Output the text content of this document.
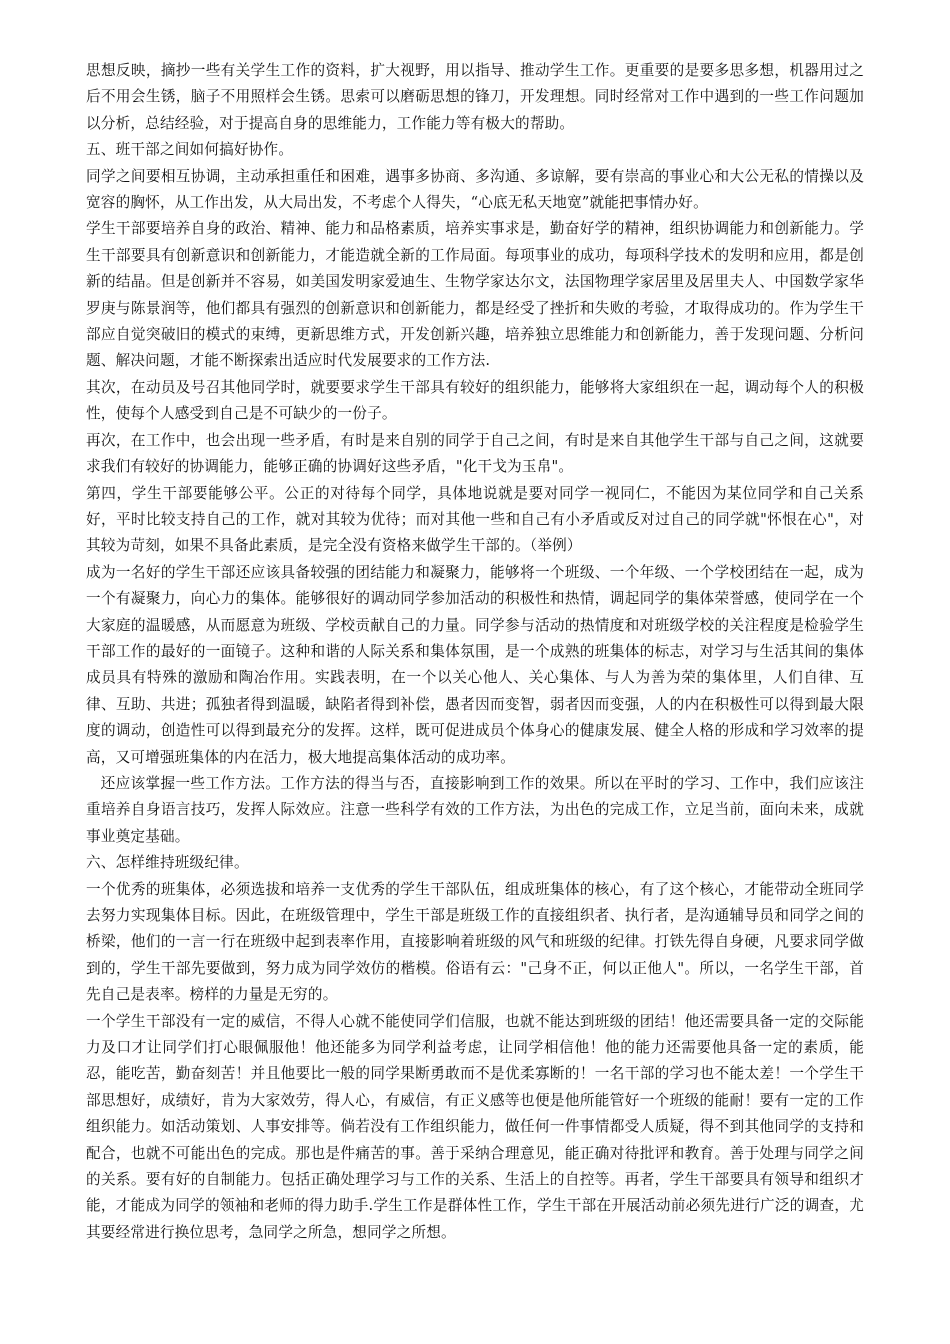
思想反映，摘抄一些有关学生工作的资料，扩大视野，用以指导、推动学生工作。更重要的是要多思多想，机器用过之后不用会生锈，脑子不用照样会生锈。思索可以磨砺思想的锋刀，开发理想。同时经常对工作中遇到的一些工作问题加以分析，总结经验，对于提高自身的思维能力，工作能力等有极大的帮助。

五、班干部之间如何搞好协作。

同学之间要相互协调，主动承担重任和困难，遇事多协商、多沟通、多谅解，要有崇高的事业心和大公无私的情操以及宽容的胸怀，从工作出发，从大局出发，不考虑个人得失，“心底无私天地宽”就能把事情办好。

学生干部要培养自身的政治、精神、能力和品格素质，培养实事求是，勤奋好学的精神，组织协调能力和创新能力。学生干部要具有创新意识和创新能力，才能造就全新的工作局面。每项事业的成功，每项科学技术的发明和应用，都是创新的结晶。但是创新并不容易，如美国发明家爱迪生、生物学家达尔文，法国物理学家居里及居里夫人、中国数学家华罗庚与陈景润等，他们都具有强烈的创新意识和创新能力，都是经受了挫折和失败的考验，才取得成功的。作为学生干部应自觉突破旧的模式的束缚，更新思维方式，开发创新兴趣，培养独立思维能力和创新能力，善于发现问题、分析问题、解决问题，才能不断探索出适应时代发展要求的工作方法.

其次，在动员及号召其他同学时，就要要求学生干部具有较好的组织能力，能够将大家组织在一起，调动每个人的积极性，使每个人感受到自己是不可缺少的一份子。

再次，在工作中，也会出现一些矛盾，有时是来自别的同学于自己之间，有时是来自其他学生干部与自己之间，这就要求我们有较好的协调能力，能够正确的协调好这些矛盾，"化干戈为玉帛"。

第四，学生干部要能够公平。公正的对待每个同学，具体地说就是要对同学一视同仁，不能因为某位同学和自己关系好，平时比较支持自己的工作，就对其较为优待；而对其他一些和自己有小矛盾或反对过自己的同学就"怀恨在心"，对其较为苛刻，如果不具备此素质，是完全没有资格来做学生干部的。（举例）

成为一名好的学生干部还应该具备较强的团结能力和凝聚力，能够将一个班级、一个年级、一个学校团结在一起，成为一个有凝聚力，向心力的集体。能够很好的调动同学参加活动的积极性和热情，调起同学的集体荣誉感，使同学在一个大家庭的温暖感，从而愿意为班级、学校贡献自己的力量。同学参与活动的热情度和对班级学校的关注程度是检验学生干部工作的最好的一面镜子。这种和谐的人际关系和集体氛围，是一个成熟的班集体的标志，对学习与生活其间的集体成员具有特殊的激励和陶冶作用。实践表明，在一个以关心他人、关心集体、与人为善为荣的集体里，人们自律、互律、互助、共进；孤独者得到温暖，缺陷者得到补偿，愚者因而变智，弱者因而变强，人的内在积极性可以得到最大限度的调动，创造性可以得到最充分的发挥。这样，既可促进成员个体身心的健康发展、健全人格的形成和学习效率的提高，又可增强班集体的内在活力，极大地提高集体活动的成功率。

还应该掌握一些工作方法。工作方法的得当与否，直接影响到工作的效果。所以在平时的学习、工作中，我们应该注重培养自身语言技巧，发挥人际效应。注意一些科学有效的工作方法，为出色的完成工作，立足当前，面向未来，成就事业奠定基础。

六、怎样维持班级纪律。

一个优秀的班集体，必须选拔和培养一支优秀的学生干部队伍，组成班集体的核心，有了这个核心，才能带动全班同学去努力实现集体目标。因此，在班级管理中，学生干部是班级工作的直接组织者、执行者，是沟通辅导员和同学之间的桥梁，他们的一言一行在班级中起到表率作用，直接影响着班级的风气和班级的纪律。打铁先得自身硬，凡要求同学做到的，学生干部先要做到，努力成为同学效仿的楷模。俗语有云："己身不正，何以正他人"。所以，一名学生干部，首先自己是表率。榜样的力量是无穷的。

一个学生干部没有一定的威信，不得人心就不能使同学们信服，也就不能达到班级的团结！他还需要具备一定的交际能力及口才让同学们打心眼佩服他！他还能多为同学利益考虑，让同学相信他！他的能力还需要他具备一定的素质，能忍，能吃苦，勤奋刻苦！并且他要比一般的同学果断勇敢而不是优柔寡断的！一名干部的学习也不能太差！一个学生干部思想好，成绩好，肯为大家效劳，得人心，有威信，有正义感等也便是他所能管好一个班级的能耐！要有一定的工作组织能力。如活动策划、人事安排等。倘若没有工作组织能力，做任何一件事情都受人质疑，得不到其他同学的支持和配合，也就不可能出色的完成。那也是件痛苦的事。善于采纳合理意见，能正确对待批评和教育。善于处理与同学之间的关系。要有好的自制能力。包括正确处理学习与工作的关系、生活上的自控等。再者，学生干部要具有领导和组织才能，才能成为同学的领袖和老师的得力助手.学生工作是群体性工作，学生干部在开展活动前必须先进行广泛的调查，尤其要经常进行换位思考，急同学之所急，想同学之所想。
